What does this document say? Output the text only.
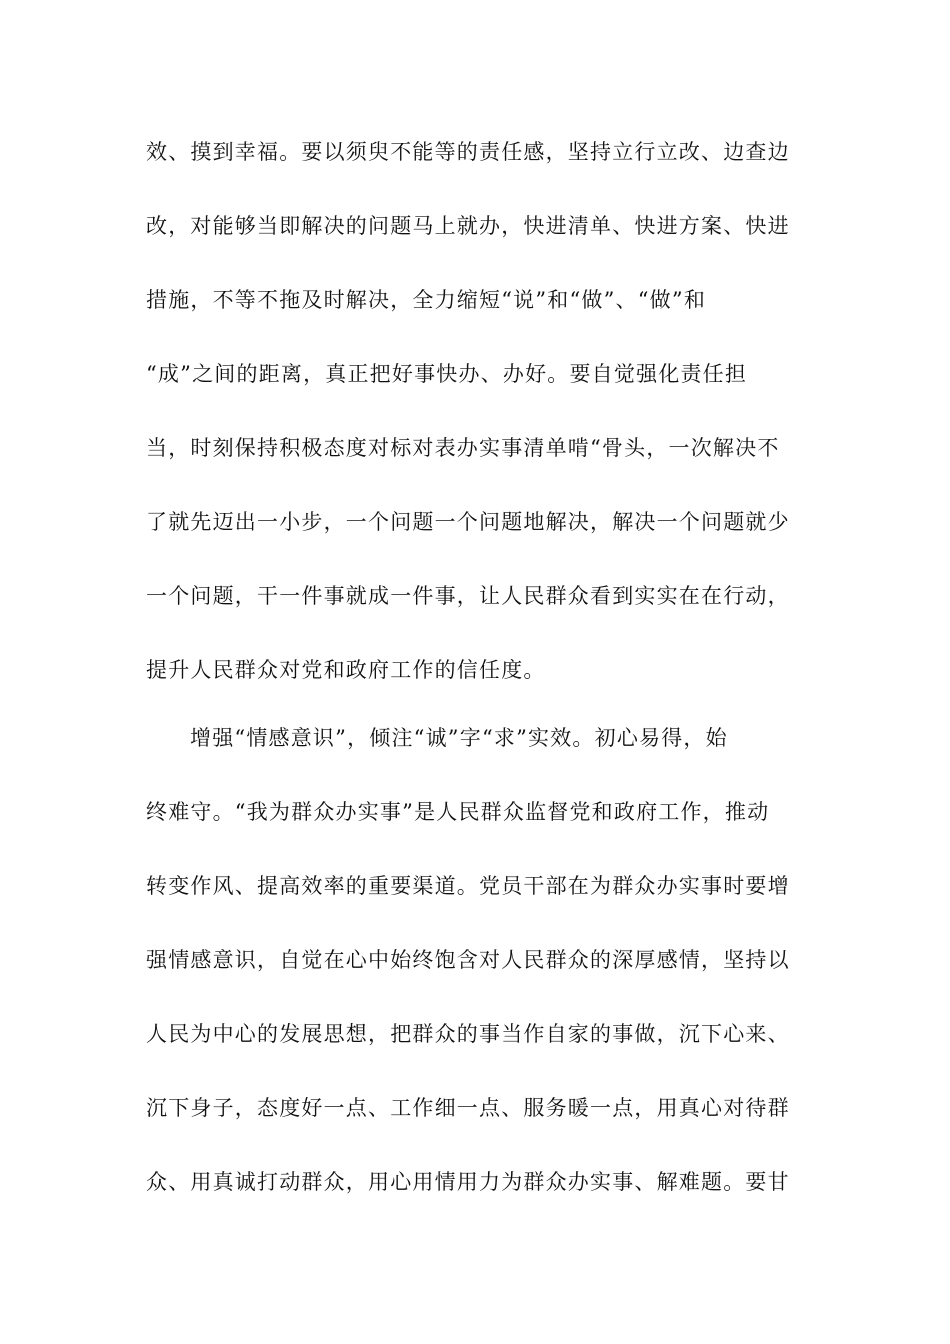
效、摸到幸福。要以须臾不能等的责任感，坚持立行立改、边查边
改，对能够当即解决的问题马上就办，快进清单、快进方案、快进
措施，不等不拖及时解决，全力缩短“说”和“做”、“做”和
“成”之间的距离，真正把好事快办、办好。要自觉强化责任担
当，时刻保持积极态度对标对表办实事清单啃“骨头，一次解决不
了就先迈出一小步，一个问题一个问题地解决，解决一个问题就少
一个问题，干一件事就成一件事，让人民群众看到实实在在行动，
提升人民群众对党和政府工作的信任度。
增强“情感意识”，倾注“诚”字“求”实效。初心易得，始
终难守。“我为群众办实事”是人民群众监督党和政府工作，推动
转变作风、提高效率的重要渠道。党员干部在为群众办实事时要增
强情感意识，自觉在心中始终饱含对人民群众的深厚感情，坚持以
人民为中心的发展思想，把群众的事当作自家的事做，沉下心来、
沉下身子，态度好一点、工作细一点、服务暖一点，用真心对待群
众、用真诚打动群众，用心用情用力为群众办实事、解难题。要甘
